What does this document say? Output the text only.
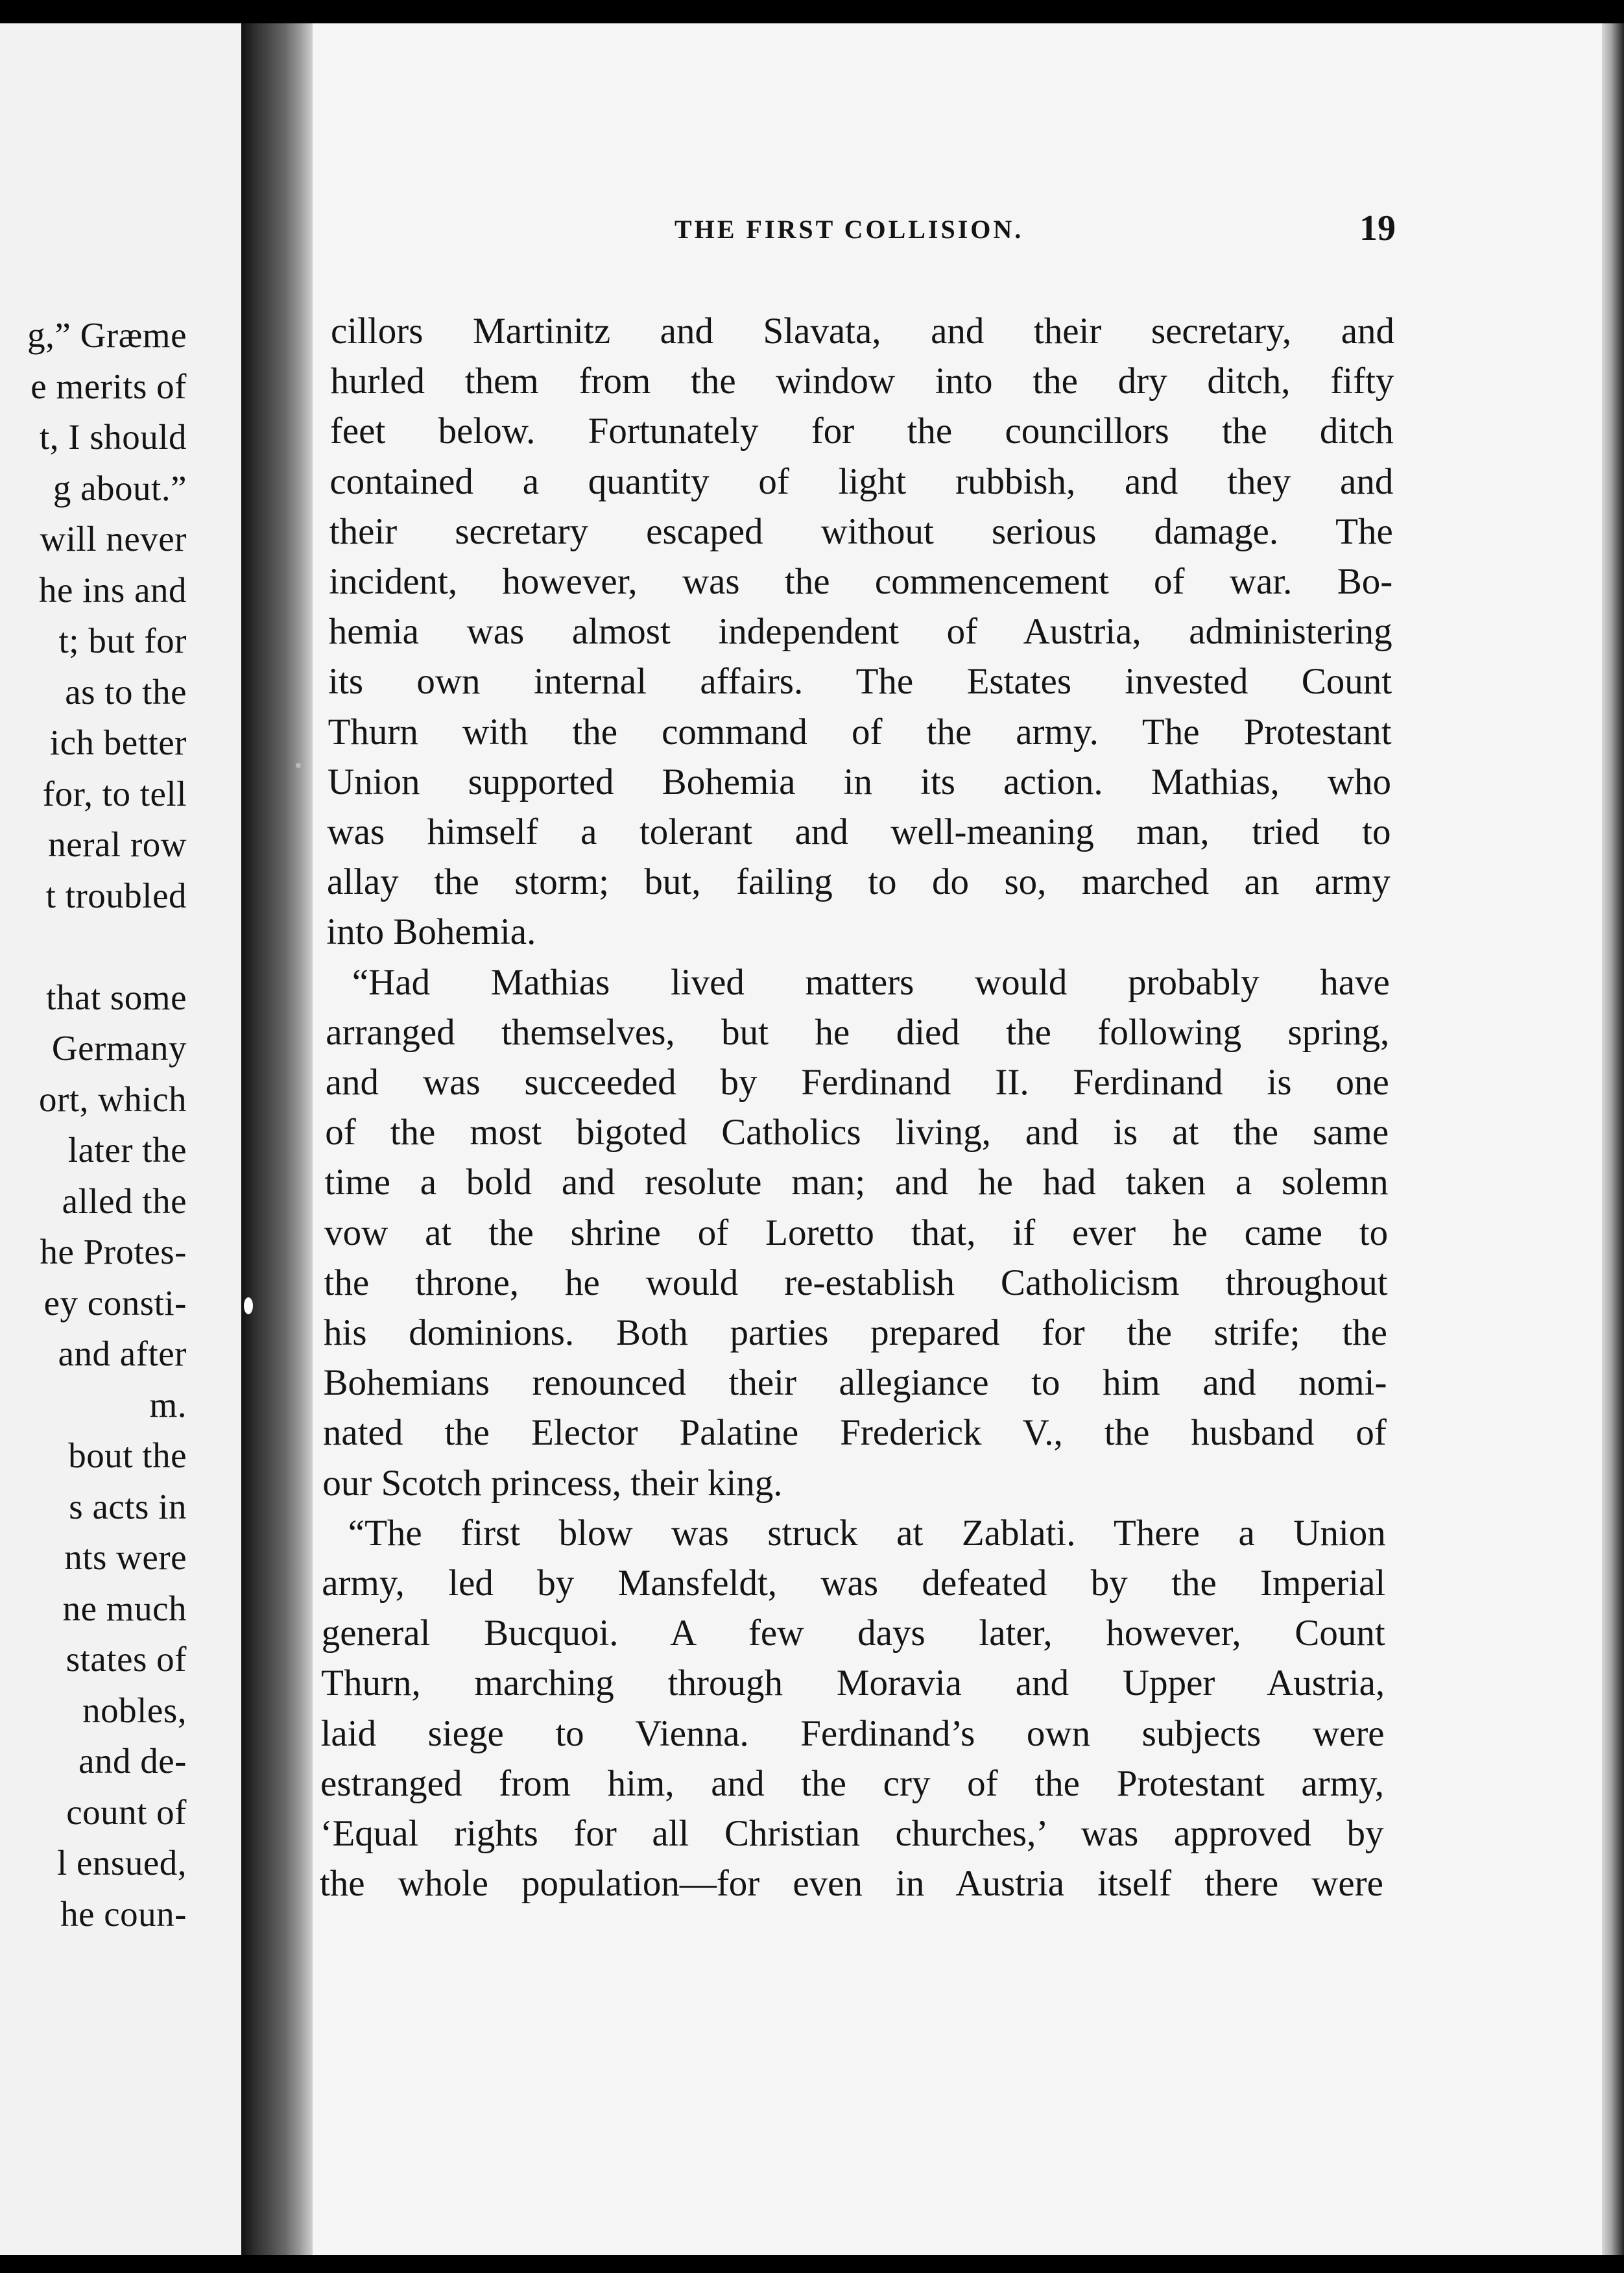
g,” Græme
e merits of
t, I should
g about.”
will never
he ins and
t; but for
as to the
ich better
for, to tell
neral row
t troubled
that some
Germany
ort, which
later the
alled the
he Protes-
ey consti-
and after
m.
bout the
s acts in
nts were
ne much
states of
nobles,
and de-
count of
l ensued,
he coun-
THE FIRST COLLISION.	19
cillors Martinitz and Slavata, and their secretary, and
hurled them from the window into the dry ditch, fifty
feet below. Fortunately for the councillors the ditch
contained a quantity of light rubbish, and they and
their secretary escaped without serious damage. The
incident, however, was the commencement of war. Bo-
hemia was almost independent of Austria, administering
its own internal affairs. The Estates invested Count
Thurn with the command of the army. The Protestant
Union supported Bohemia in its action. Mathias, who
was himself a tolerant and well-meaning man, tried to
allay the storm; but, failing to do so, marched an army
into Bohemia.
“Had Mathias lived matters would probably have
arranged themselves, but he died the following spring,
and was succeeded by Ferdinand II. Ferdinand is one
of the most bigoted Catholics living, and is at the same
time a bold and resolute man; and he had taken a solemn
vow at the shrine of Loretto that, if ever he came to
the throne, he would re-establish Catholicism throughout
his dominions. Both parties prepared for the strife; the
Bohemians renounced their allegiance to him and nomi-
nated the Elector Palatine Frederick V., the husband of
our Scotch princess, their king.
“The first blow was struck at Zablati. There a Union
army, led by Mansfeldt, was defeated by the Imperial
general Bucquoi. A few days later, however, Count
Thurn, marching through Moravia and Upper Austria,
laid siege to Vienna. Ferdinand’s own subjects were
estranged from him, and the cry of the Protestant army,
‘Equal rights for all Christian churches,’ was approved by
the whole population—for even in Austria itself there were
